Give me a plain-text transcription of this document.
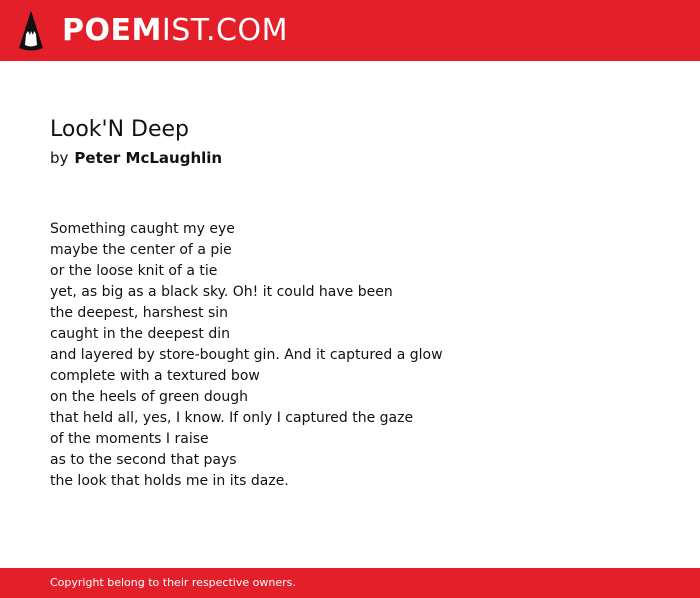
POEMIST.COM
Look'N Deep
by Peter McLaughlin
Something caught my eye
maybe the center of a pie
or the loose knit of a tie
yet, as big as a black sky. Oh! it could have been
the deepest, harshest sin
caught in the deepest din
and layered by store-bought gin. And it captured a glow
complete with a textured bow
on the heels of green dough
that held all, yes, I know. If only I captured the gaze
of the moments I raise
as to the second that pays
the look that holds me in its daze.
Copyright belong to their respective owners.
